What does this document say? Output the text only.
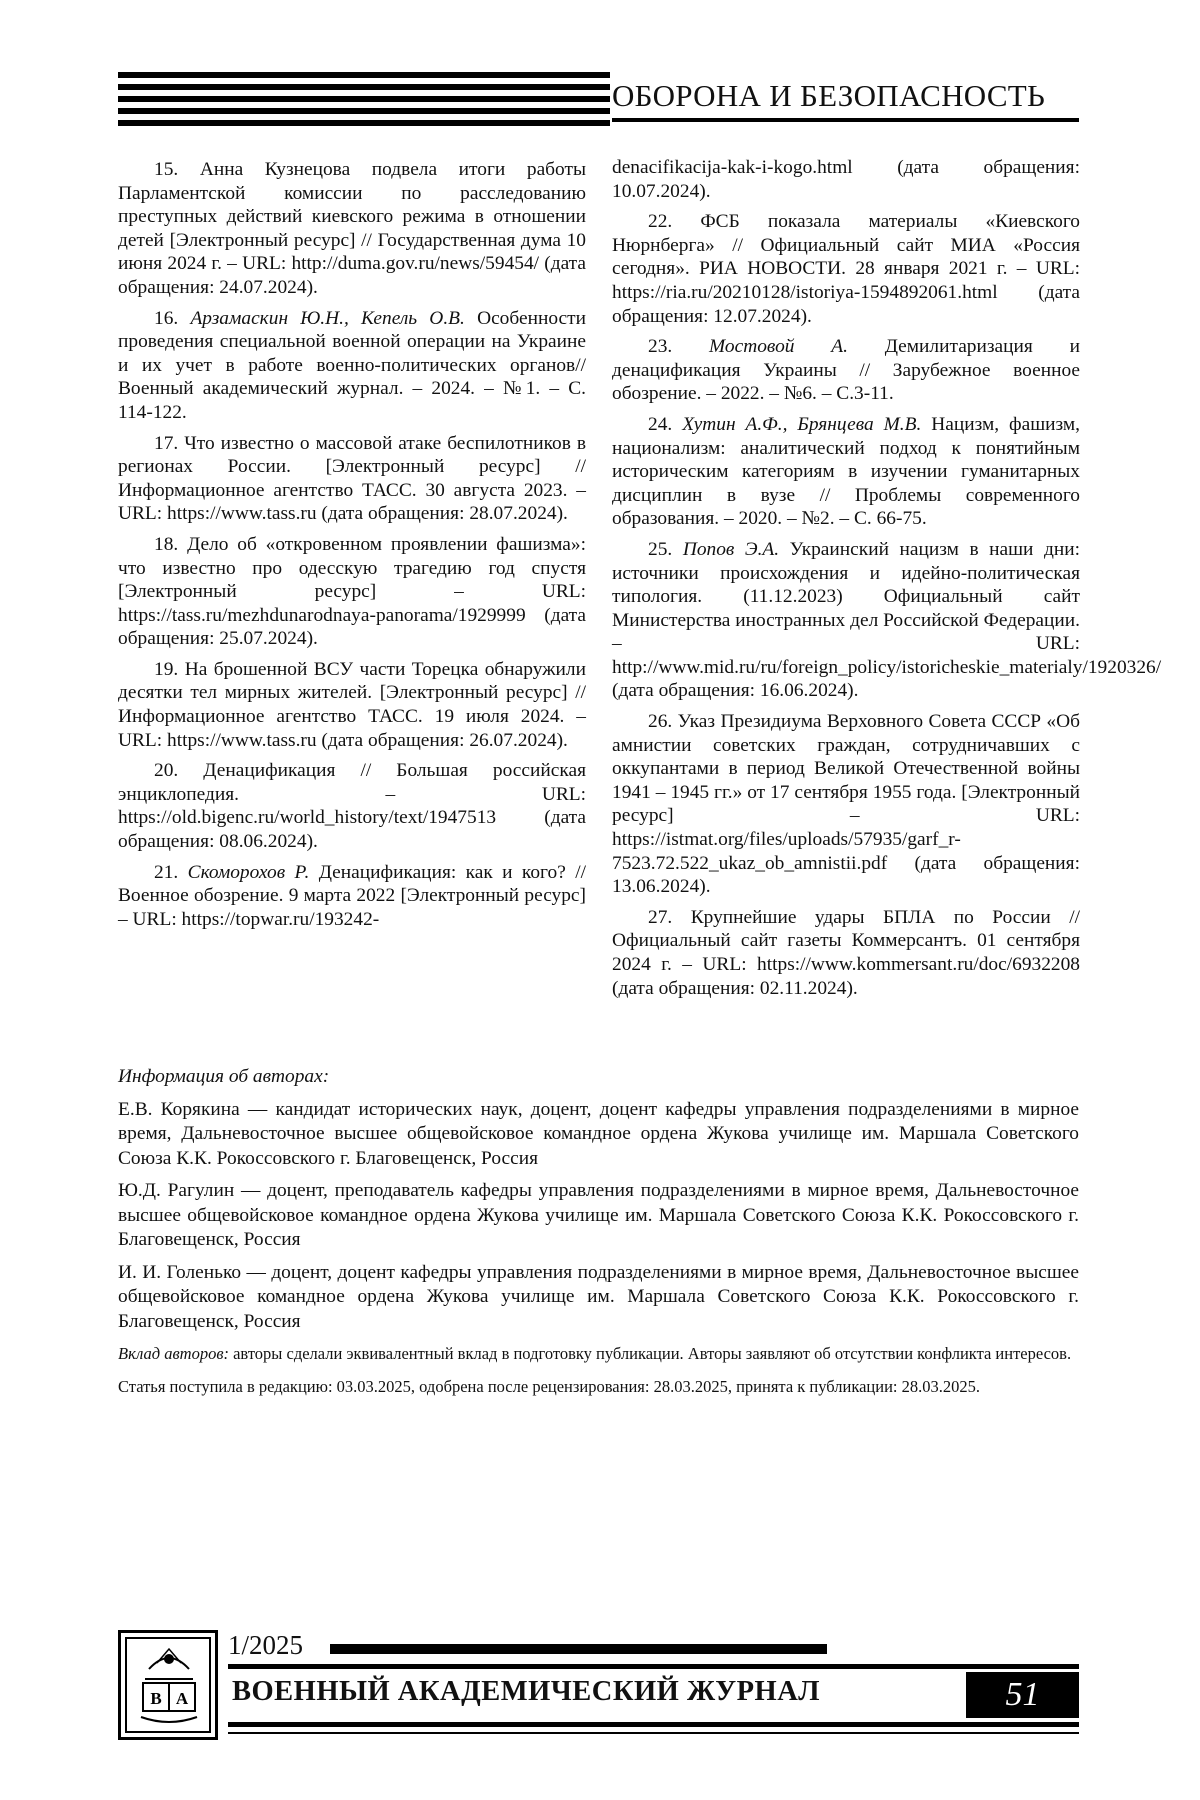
ОБОРОНА И БЕЗОПАСНОСТЬ

15. Анна Кузнецова подвела итоги работы Парламентской комиссии по расследованию преступных действий киевского режима в отношении детей [Электронный ресурс] // Государственная дума 10 июня 2024 г. – URL: http://duma.gov.ru/news/59454/ (дата обращения: 24.07.2024).

16. Арзамаскин Ю.Н., Кепель О.В. Особенности проведения специальной военной операции на Украине и их учет в работе военно-политических органов//Военный академический журнал. – 2024. – №1. – С. 114-122.

17. Что известно о массовой атаке беспилотников в регионах России. [Электронный ресурс] // Информационное агентство ТАСС. 30 августа 2023. – URL: https://www.tass.ru (дата обращения: 28.07.2024).

18. Дело об «откровенном проявлении фашизма»: что известно про одесскую трагедию год спустя [Электронный ресурс] – URL: https://tass.ru/mezhdunarodnaya-panorama/1929999 (дата обращения: 25.07.2024).

19. На брошенной ВСУ части Торецка обнаружили десятки тел мирных жителей. [Электронный ресурс] // Информационное агентство ТАСС. 19 июля 2024. – URL: https://www.tass.ru (дата обращения: 26.07.2024).

20. Денацификация // Большая российская энциклопедия. – URL: https://old.bigenc.ru/world_history/text/1947513 (дата обращения: 08.06.2024).

21. Скоморохов Р. Денацификация: как и кого? // Военное обозрение. 9 марта 2022 [Электронный ресурс] – URL: https://topwar.ru/193242-

denacifikacija-kak-i-kogo.html (дата обращения: 10.07.2024).

22. ФСБ показала материалы «Киевского Нюрнберга» // Официальный сайт МИА «Россия сегодня». РИА НОВОСТИ. 28 января 2021 г. – URL: https://ria.ru/20210128/istoriya-1594892061.html (дата обращения: 12.07.2024).

23. Мостовой А. Демилитаризация и денацификация Украины // Зарубежное военное обозрение. – 2022. – №6. – С.3-11.

24. Хутин А.Ф., Брянцева М.В. Нацизм, фашизм, национализм: аналитический подход к понятийным историческим категориям в изучении гуманитарных дисциплин в вузе // Проблемы современного образования. – 2020. – №2. – С. 66-75.

25. Попов Э.А. Украинский нацизм в наши дни: источники происхождения и идейно-политическая типология. (11.12.2023) Официальный сайт Министерства иностранных дел Российской Федерации. – URL: http://www.mid.ru/ru/foreign_policy/istoricheskie_materialy/1920326/ (дата обращения: 16.06.2024).

26. Указ Президиума Верховного Совета СССР «Об амнистии советских граждан, сотрудничавших с оккупантами в период Великой Отечественной войны 1941 – 1945 гг.» от 17 сентября 1955 года. [Электронный ресурс] – URL: https://istmat.org/files/uploads/57935/garf_r-7523.72.522_ukaz_ob_amnistii.pdf (дата обращения: 13.06.2024).

27. Крупнейшие удары БПЛА по России // Официальный сайт газеты Коммерсантъ. 01 сентября 2024 г. – URL: https://www.kommersant.ru/doc/6932208 (дата обращения: 02.11.2024).

Информация об авторах:

Е.В. Корякина — кандидат исторических наук, доцент, доцент кафедры управления подразделениями в мирное время, Дальневосточное высшее общевойсковое командное ордена Жукова училище им. Маршала Советского Союза К.К. Рокоссовского г. Благовещенск, Россия

Ю.Д. Рагулин — доцент, преподаватель кафедры управления подразделениями в мирное время, Дальневосточное высшее общевойсковое командное ордена Жукова училище им. Маршала Советского Союза К.К. Рокоссовского г. Благовещенск, Россия

И. И. Голенько — доцент, доцент кафедры управления подразделениями в мирное время, Дальневосточное высшее общевойсковое командное ордена Жукова училище им. Маршала Советского Союза К.К. Рокоссовского г. Благовещенск, Россия

Вклад авторов: авторы сделали эквивалентный вклад в подготовку публикации. Авторы заявляют об отсутствии конфликта интересов.

Статья поступила в редакцию: 03.03.2025, одобрена после рецензирования: 28.03.2025, принята к публикации: 28.03.2025.

В А
1/2025
ВОЕННЫЙ АКАДЕМИЧЕСКИЙ ЖУРНАЛ	51
